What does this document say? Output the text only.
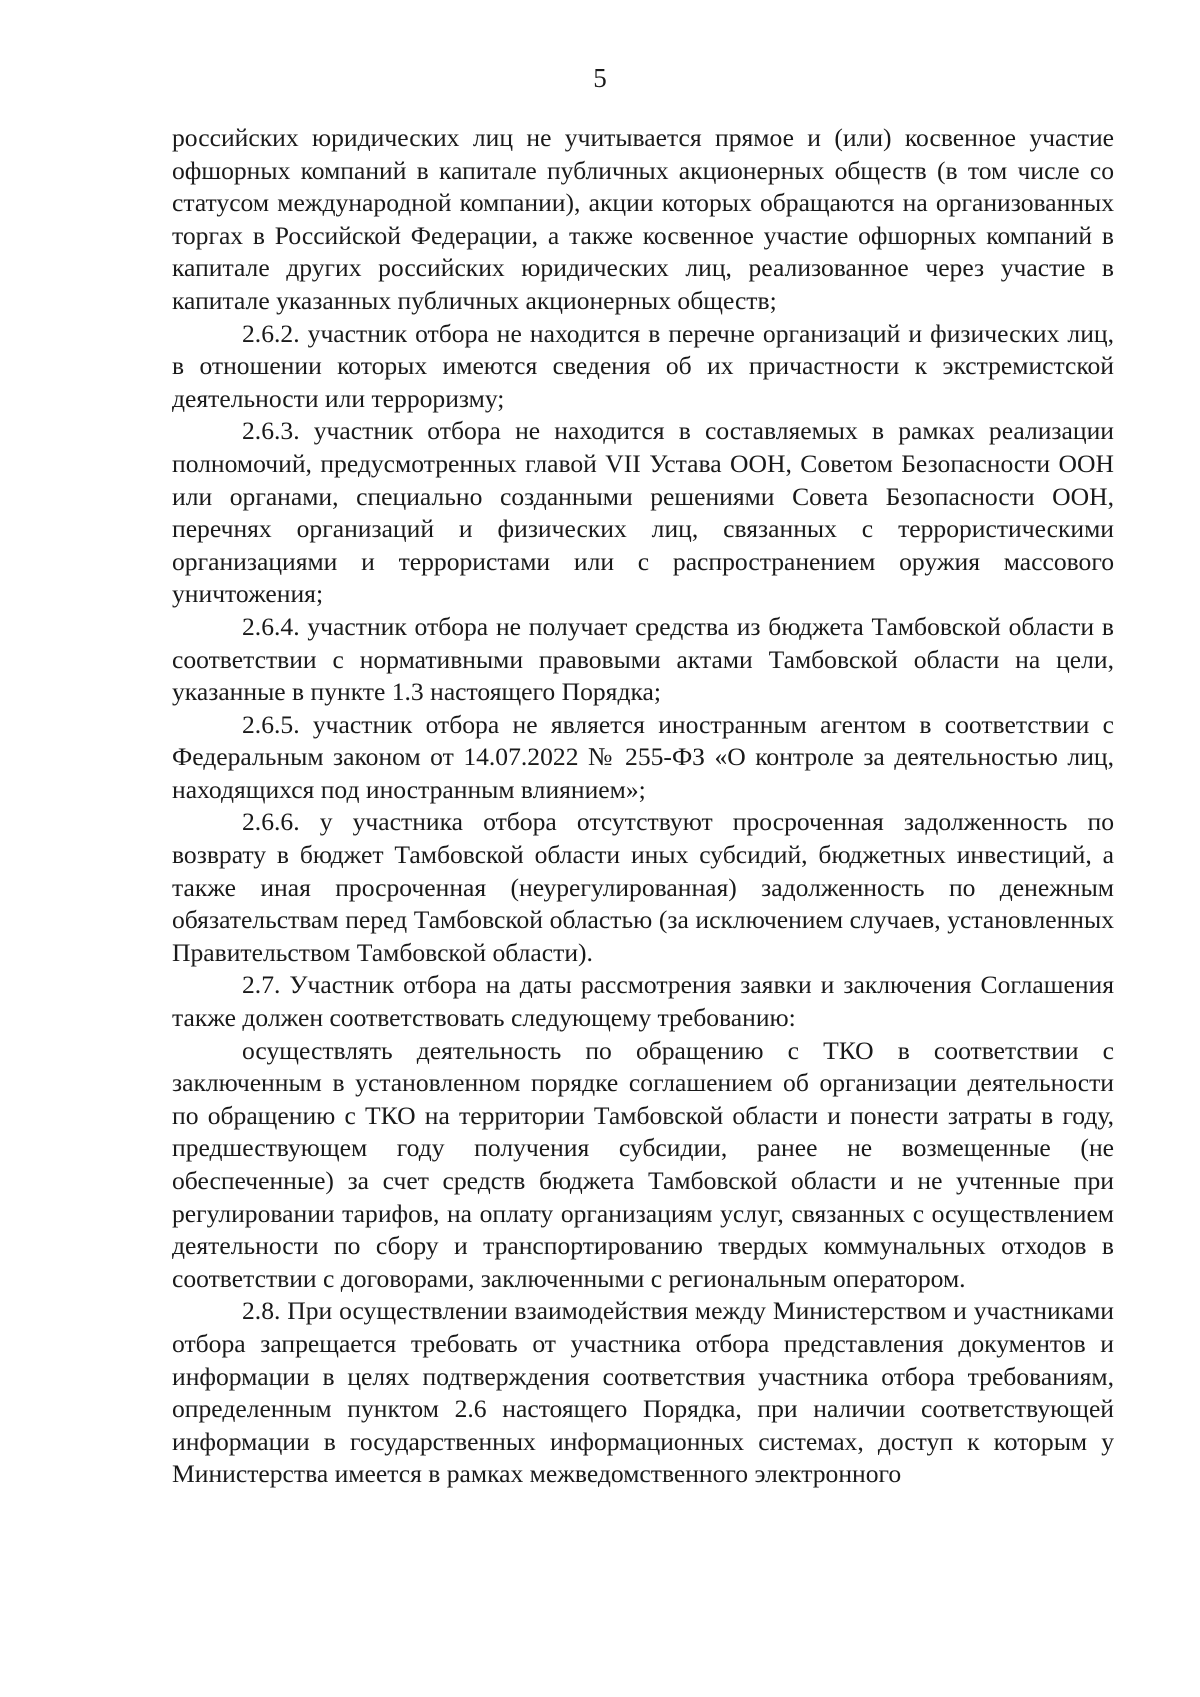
5

российских юридических лиц не учитывается прямое и (или) косвенное участие офшорных компаний в капитале публичных акционерных обществ (в том числе со статусом международной компании), акции которых обращаются на организованных торгах в Российской Федерации, а также косвенное участие офшорных компаний в капитале других российских юридических лиц, реализованное через участие в капитале указанных публичных акционерных обществ;

2.6.2. участник отбора не находится в перечне организаций и физических лиц, в отношении которых имеются сведения об их причастности к экстремистской деятельности или терроризму;

2.6.3. участник отбора не находится в составляемых в рамках реализации полномочий, предусмотренных главой VII Устава ООН, Советом Безопасности ООН или органами, специально созданными решениями Совета Безопасности ООН, перечнях организаций и физических лиц, связанных с террористическими организациями и террористами или с распространением оружия массового уничтожения;

2.6.4. участник отбора не получает средства из бюджета Тамбовской области в соответствии с нормативными правовыми актами Тамбовской области на цели, указанные в пункте 1.3 настоящего Порядка;

2.6.5. участник отбора не является иностранным агентом в соответствии с Федеральным законом от 14.07.2022 № 255-ФЗ «О контроле за деятельностью лиц, находящихся под иностранным влиянием»;

2.6.6. у участника отбора отсутствуют просроченная задолженность по возврату в бюджет Тамбовской области иных субсидий, бюджетных инвестиций, а также иная просроченная (неурегулированная) задолженность по денежным обязательствам перед Тамбовской областью (за исключением случаев, установленных Правительством Тамбовской области).

2.7. Участник отбора на даты рассмотрения заявки и заключения Соглашения также должен соответствовать следующему требованию:

осуществлять деятельность по обращению с ТКО в соответствии с заключенным в установленном порядке соглашением об организации деятельности по обращению с ТКО на территории Тамбовской области и понести затраты в году, предшествующем году получения субсидии, ранее не возмещенные (не обеспеченные) за счет средств бюджета Тамбовской области и не учтенные при регулировании тарифов, на оплату организациям услуг, связанных с осуществлением деятельности по сбору и транспортированию твердых коммунальных отходов в соответствии с договорами, заключенными с региональным оператором.

2.8. При осуществлении взаимодействия между Министерством и участниками отбора запрещается требовать от участника отбора представления документов и информации в целях подтверждения соответствия участника отбора требованиям, определенным пунктом 2.6 настоящего Порядка, при наличии соответствующей информации в государственных информационных системах, доступ к которым у Министерства имеется в рамках межведомственного электронного
